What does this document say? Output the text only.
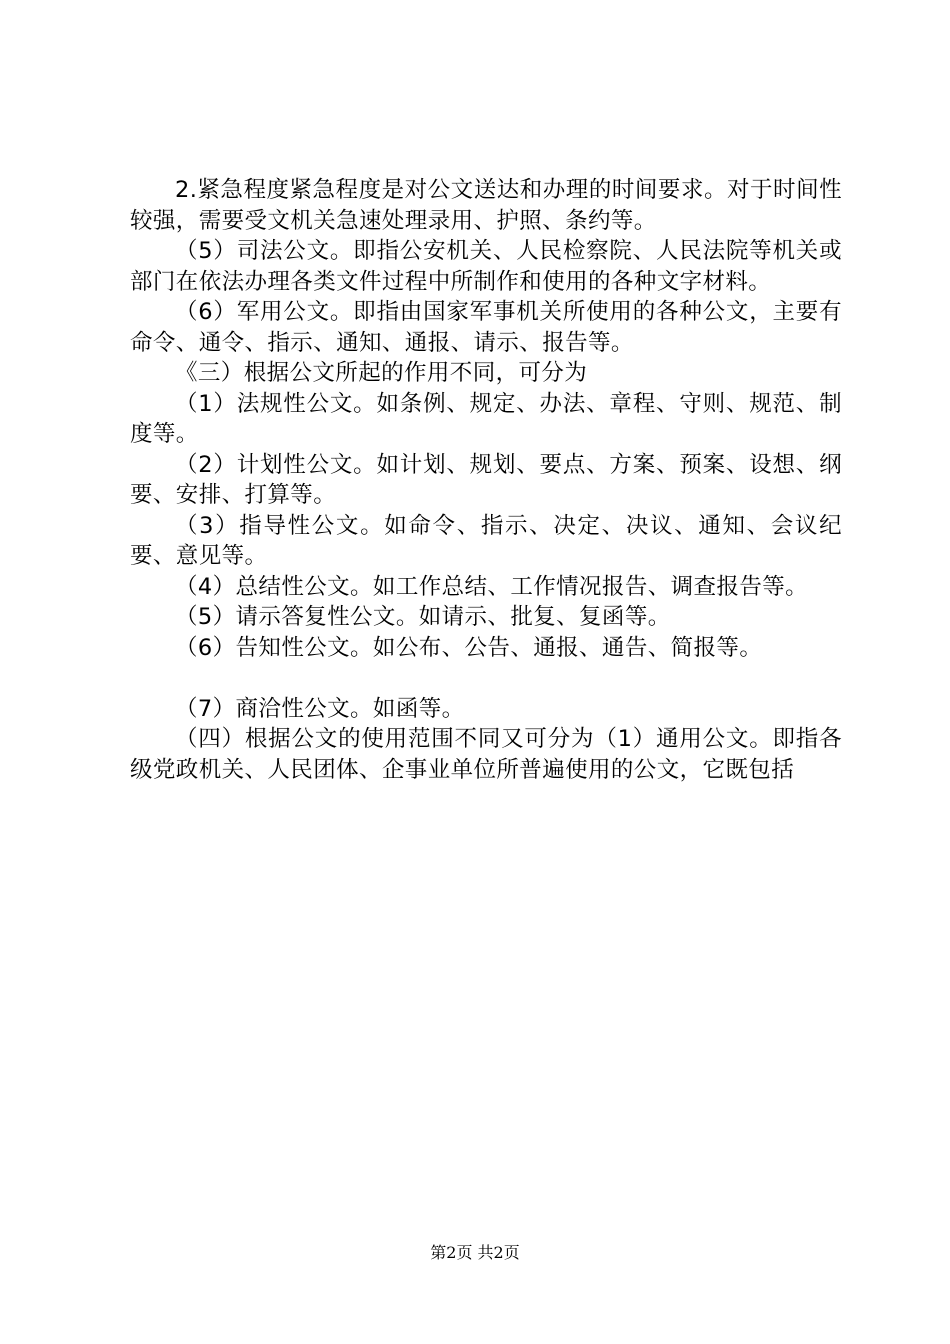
2.紧急程度紧急程度是对公文送达和办理的时间要求。对于时间性较强，需要受文机关急速处理录用、护照、条约等。

（5）司法公文。即指公安机关、人民检察院、人民法院等机关或部门在依法办理各类文件过程中所制作和使用的各种文字材料。

（6）军用公文。即指由国家军事机关所使用的各种公文，主要有命令、通令、指示、通知、通报、请示、报告等。

《三）根据公文所起的作用不同，可分为

（1）法规性公文。如条例、规定、办法、章程、守则、规范、制度等。

（2）计划性公文。如计划、规划、要点、方案、预案、设想、纲要、安排、打算等。

（3）指导性公文。如命令、指示、决定、决议、通知、会议纪要、意见等。

（4）总结性公文。如工作总结、工作情况报告、调查报告等。

（5）请示答复性公文。如请示、批复、复函等。

（6）告知性公文。如公布、公告、通报、通告、简报等。

（7）商洽性公文。如函等。

（四）根据公文的使用范围不同又可分为（1）通用公文。即指各级党政机关、人民团体、企事业单位所普遍使用的公文，它既包括

第2页 共2页
